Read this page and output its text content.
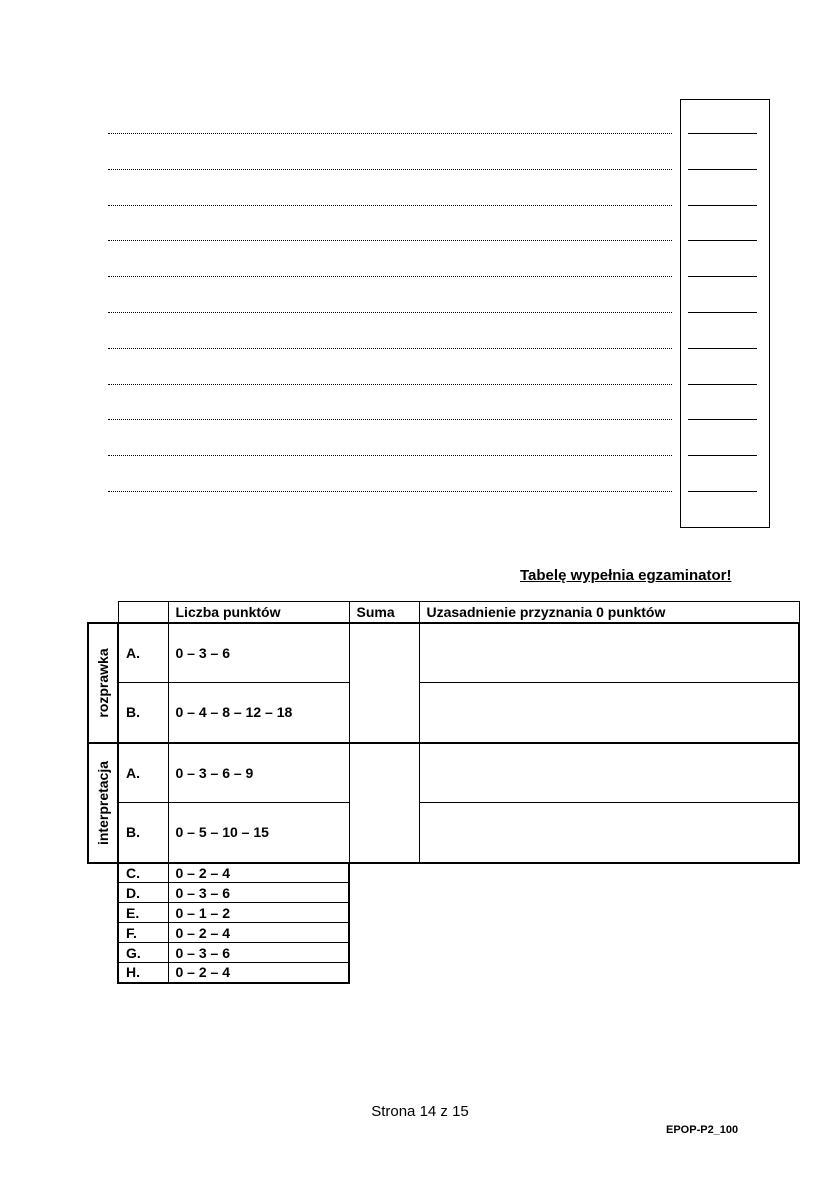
Tabelę wypełnia egzaminator!
		Liczba punktów	Suma	Uzasadnienie przyznania 0 punktów

rozprawka	A.	0 – 3 – 6		
	B.	0 – 4 – 8 – 12 – 18		

interpretacja	A.	0 – 3 – 6 – 9		
	B.	0 – 5 – 10 – 15		
	C.	0 – 2 – 4		
	D.	0 – 3 – 6		
	E.	0 – 1 – 2		
	F.	0 – 2 – 4		
	G.	0 – 3 – 6		
	H.	0 – 2 – 4		
Strona 14 z 15
EPOP-P2_100
